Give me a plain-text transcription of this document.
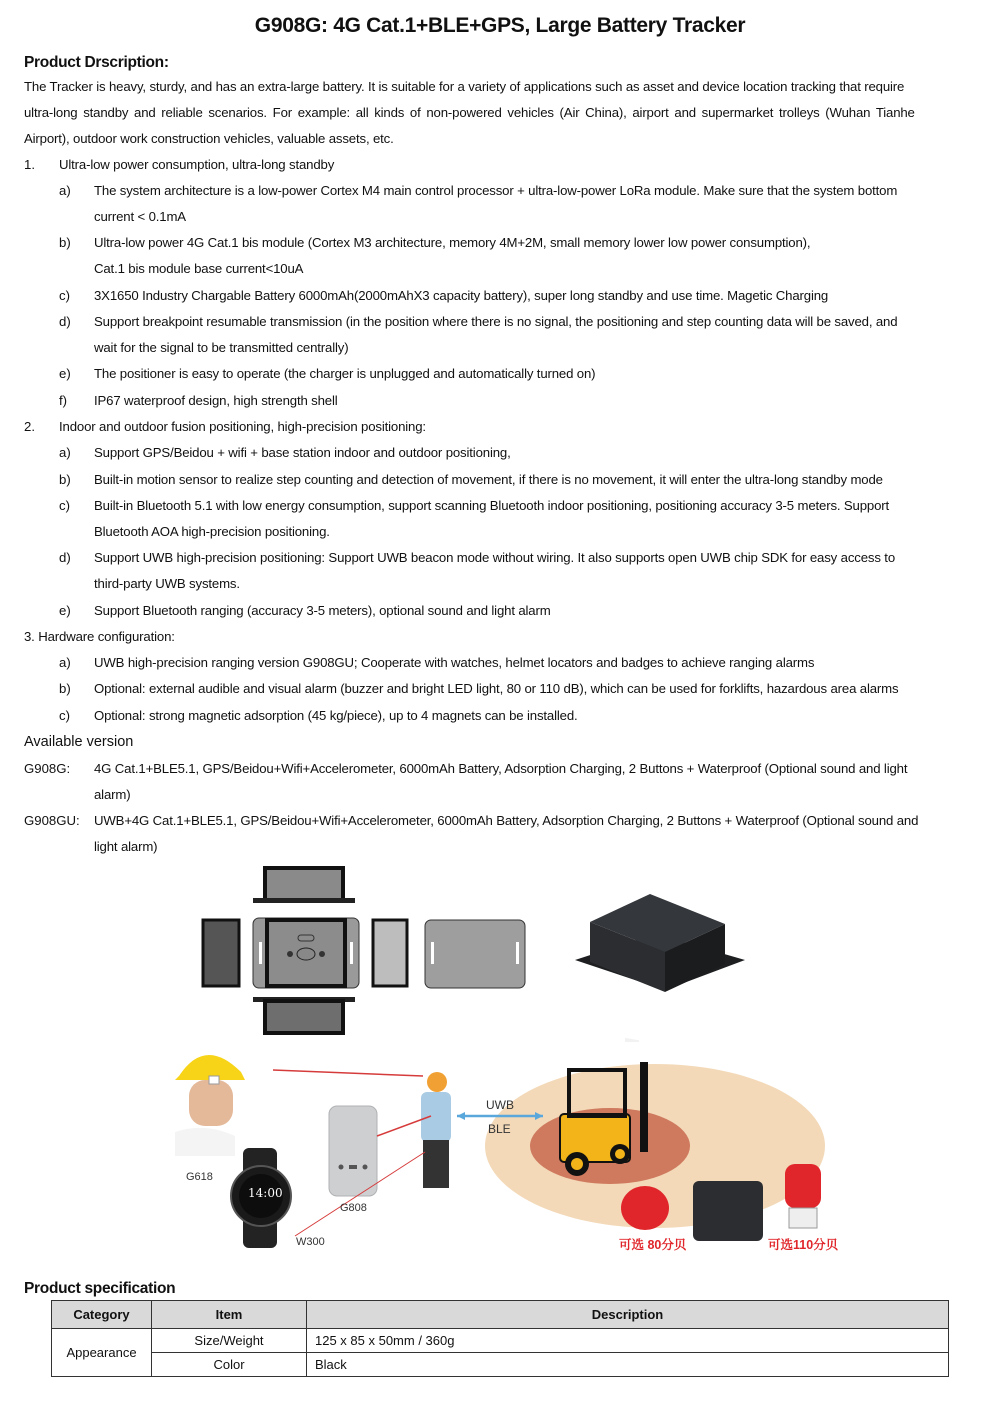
G908G: 4G Cat.1+BLE+GPS, Large Battery Tracker
Product Drscription:
The Tracker is heavy, sturdy, and has an extra-large battery. It is suitable for a variety of applications such as asset and device location tracking that require
ultra-long standby and reliable scenarios. For example: all kinds of non-powered vehicles (Air China), airport and supermarket trolleys (Wuhan Tianhe
Airport), outdoor work construction vehicles, valuable assets, etc.
1. Ultra-low power consumption, ultra-long standby
a) The system architecture is a low-power Cortex M4 main control processor + ultra-low-power LoRa module. Make sure that the system bottom
current < 0.1mA
b) Ultra-low power 4G Cat.1 bis module (Cortex M3 architecture, memory 4M+2M, small memory lower low power consumption),
Cat.1 bis module base current<10uA
c) 3X1650 Industry Chargable Battery 6000mAh(2000mAhX3 capacity battery), super long standby and use time. Magetic Charging
d) Support breakpoint resumable transmission (in the position where there is no signal, the positioning and step counting data will be saved, and
wait for the signal to be transmitted centrally)
e) The positioner is easy to operate (the charger is unplugged and automatically turned on)
f) IP67 waterproof design, high strength shell
2. Indoor and outdoor fusion positioning, high-precision positioning:
a) Support GPS/Beidou + wifi + base station indoor and outdoor positioning,
b) Built-in motion sensor to realize step counting and detection of movement, if there is no movement, it will enter the ultra-long standby mode
c) Built-in Bluetooth 5.1 with low energy consumption, support scanning Bluetooth indoor positioning, positioning accuracy 3-5 meters. Support
Bluetooth AOA high-precision positioning.
d) Support UWB high-precision positioning: Support UWB beacon mode without wiring. It also supports open UWB chip SDK for easy access to
third-party UWB systems.
e) Support Bluetooth ranging (accuracy 3-5 meters), optional sound and light alarm
3. Hardware configuration:
a) UWB high-precision ranging version G908GU; Cooperate with watches, helmet locators and badges to achieve ranging alarms
b) Optional: external audible and visual alarm (buzzer and bright LED light, 80 or 110 dB), which can be used for forklifts, hazardous area alarms
c) Optional: strong magnetic adsorption (45 kg/piece), up to 4 magnets can be installed.
Available version
G908G: 4G Cat.1+BLE5.1, GPS/Beidou+Wifi+Accelerometer, 6000mAh Battery, Adsorption Charging, 2 Buttons + Waterproof (Optional sound and light
alarm)
G908GU: UWB+4G Cat.1+BLE5.1, GPS/Beidou+Wifi+Accelerometer, 6000mAh Battery, Adsorption Charging, 2 Buttons + Waterproof (Optional sound and
light alarm)
G618
W300
14:00
G808
UWB
BLE
可选 80分贝	可选110分贝
Product specification
Category	Item	Description
Appearance	Size/Weight	125 x 85 x 50mm / 360g
	Color	Black
